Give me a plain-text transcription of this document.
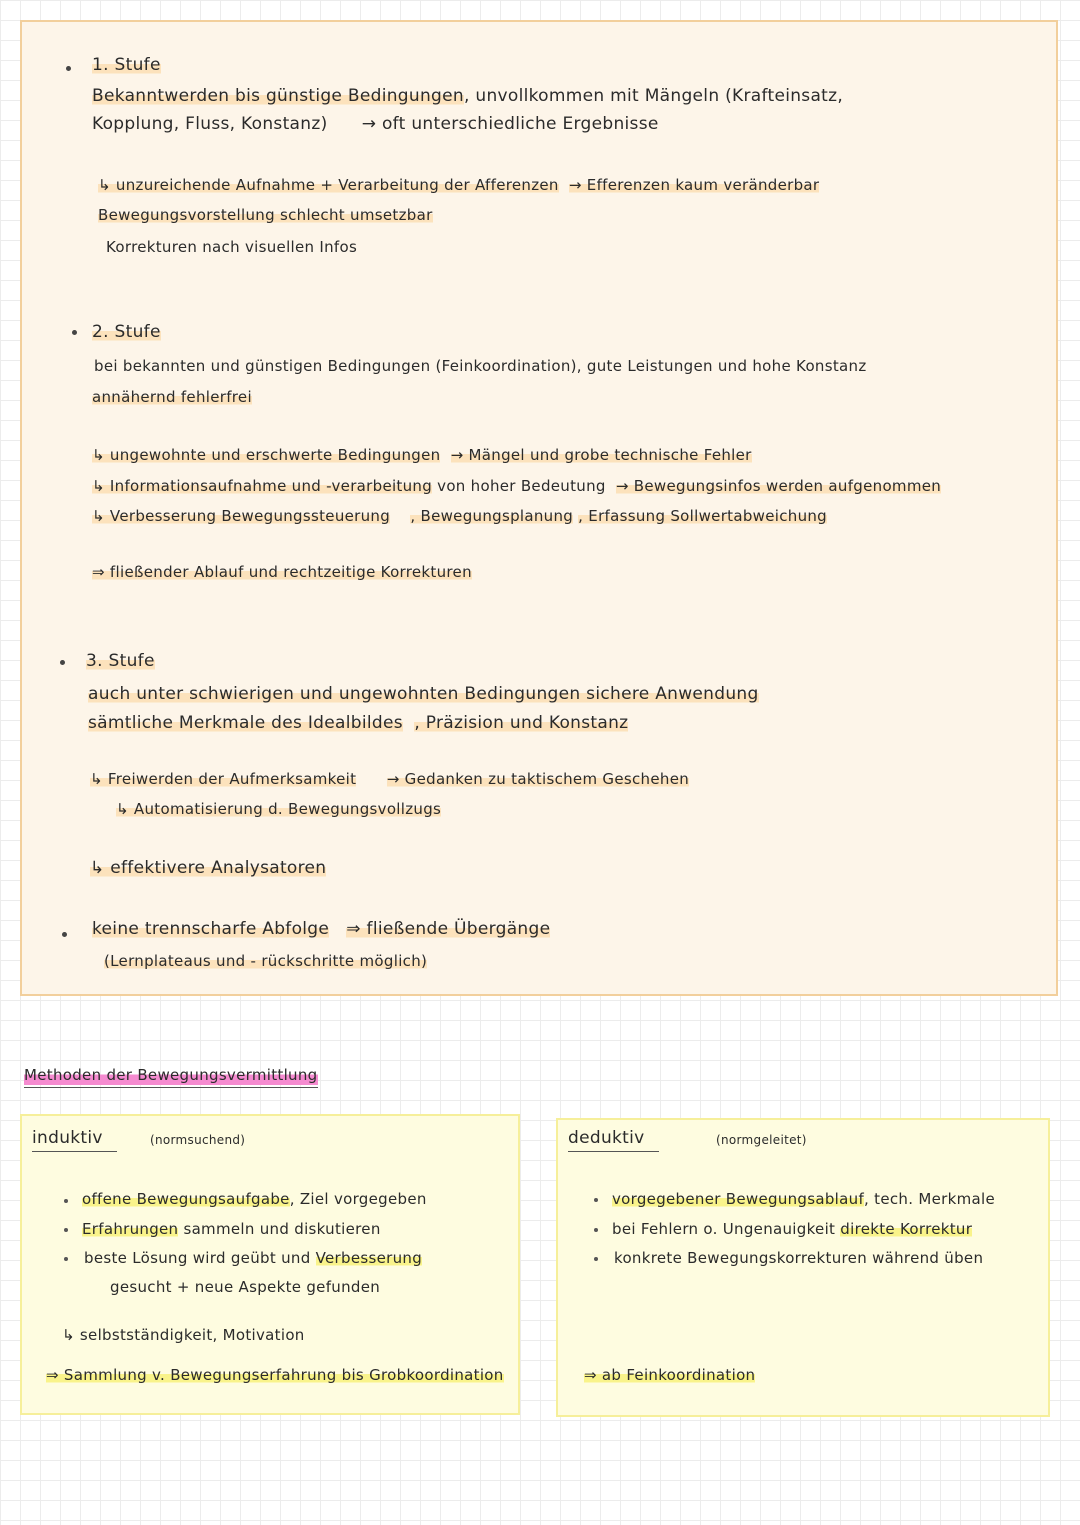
1. Stufe
Bekanntwerden bis günstige Bedingungen, unvollkommen mit Mängeln (Krafteinsatz,
Kopplung, Fluss, Konstanz) → oft unterschiedliche Ergebnisse
↳ unzureichende Aufnahme + Verarbeitung der Afferenzen → Efferenzen kaum veränderbar
Bewegungsvorstellung schlecht umsetzbar
Korrekturen nach visuellen Infos
2. Stufe
bei bekannten und günstigen Bedingungen (Feinkoordination), gute Leistungen und hohe Konstanz
annähernd fehlerfrei
↳ ungewohnte und erschwerte Bedingungen → Mängel und grobe technische Fehler
↳ Informationsaufnahme und -verarbeitung von hoher Bedeutung → Bewegungsinfos werden aufgenommen
↳ Verbesserung Bewegungssteuerung , Bewegungsplanung , Erfassung Sollwertabweichung
⇒ fließender Ablauf und rechtzeitige Korrekturen
3. Stufe
auch unter schwierigen und ungewohnten Bedingungen sichere Anwendung
sämtliche Merkmale des Idealbildes , Präzision und Konstanz
↳ Freiwerden der Aufmerksamkeit → Gedanken zu taktischem Geschehen
↳ Automatisierung d. Bewegungsvollzugs
↳ effektivere Analysatoren
keine trennscharfe Abfolge ⇒ fließende Übergänge
(Lernplateaus und - rückschritte möglich)
Methoden der Bewegungsvermittlung
induktiv	(normsuchend)
offene Bewegungsaufgabe, Ziel vorgegeben
Erfahrungen sammeln und diskutieren
beste Lösung wird geübt und Verbesserung
gesucht + neue Aspekte gefunden
↳ selbstständigkeit, Motivation
⇒ Sammlung v. Bewegungserfahrung bis Grobkoordination
deduktiv	(normgeleitet)
vorgegebener Bewegungsablauf, tech. Merkmale
bei Fehlern o. Ungenauigkeit direkte Korrektur
konkrete Bewegungskorrekturen während üben
⇒ ab Feinkoordination
